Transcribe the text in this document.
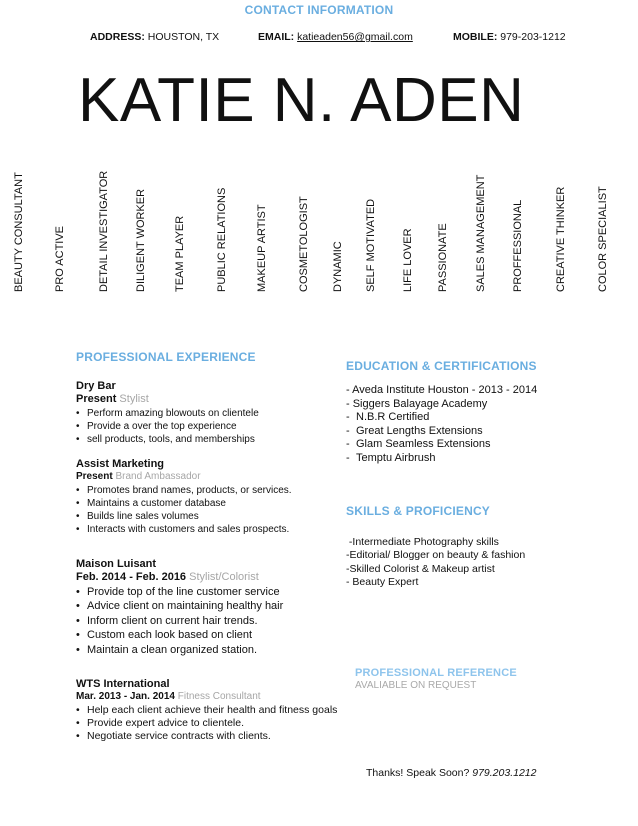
CONTACT INFORMATION
ADDRESS: HOUSTON, TX	EMAIL: katieaden56@gmail.com	MOBILE: 979-203-1212
KATIE N. ADEN
BEAUTY CONSULTANT	PRO ACTIVE	DETAIL INVESTIGATOR DILIGENT WORKER TEAM PLAYER	PUBLIC RELATIONS	MAKEUP ARTIST	COSMETOLOGIST DYNAMIC SELF MOTIVATED LIFE LOVER PASSIONATE SALES MANAGEMENT PROFFESSIONAL	CREATIVE THINKER	COLOR SPECIALIST
PROFESSIONAL EXPERIENCE
Dry Bar
Present Stylist
• Perform amazing blowouts on clientele
• Provide a over the top experience
• sell products, tools, and memberships
Assist Marketing
Present Brand Ambassador
• Promotes brand names, products, or services.
• Maintains a customer database
• Builds line sales volumes
• Interacts with customers and sales prospects.
Maison Luisant
Feb. 2014 - Feb. 2016 Stylist/Colorist
• Provide top of the line customer service
• Advice client on maintaining healthy hair
• Inform client on current hair trends.
• Custom each look based on client
• Maintain a clean organized station.
WTS International
Mar. 2013 - Jan. 2014 Fitness Consultant
• Help each client achieve their health and fitness goals
• Provide expert advice to clientele.
• Negotiate service contracts with clients.
EDUCATION & CERTIFICATIONS
- Aveda Institute Houston - 2013 - 2014
- Siggers Balayage Academy
- N.B.R Certified
- Great Lengths Extensions
- Glam Seamless Extensions
- Temptu Airbrush
SKILLS & PROFICIENCY
-Intermediate Photography skills
-Editorial/ Blogger on beauty & fashion
-Skilled Colorist & Makeup artist
- Beauty Expert
PROFESSIONAL REFERENCE
AVALIABLE ON REQUEST
Thanks! Speak Soon? 979.203.1212
